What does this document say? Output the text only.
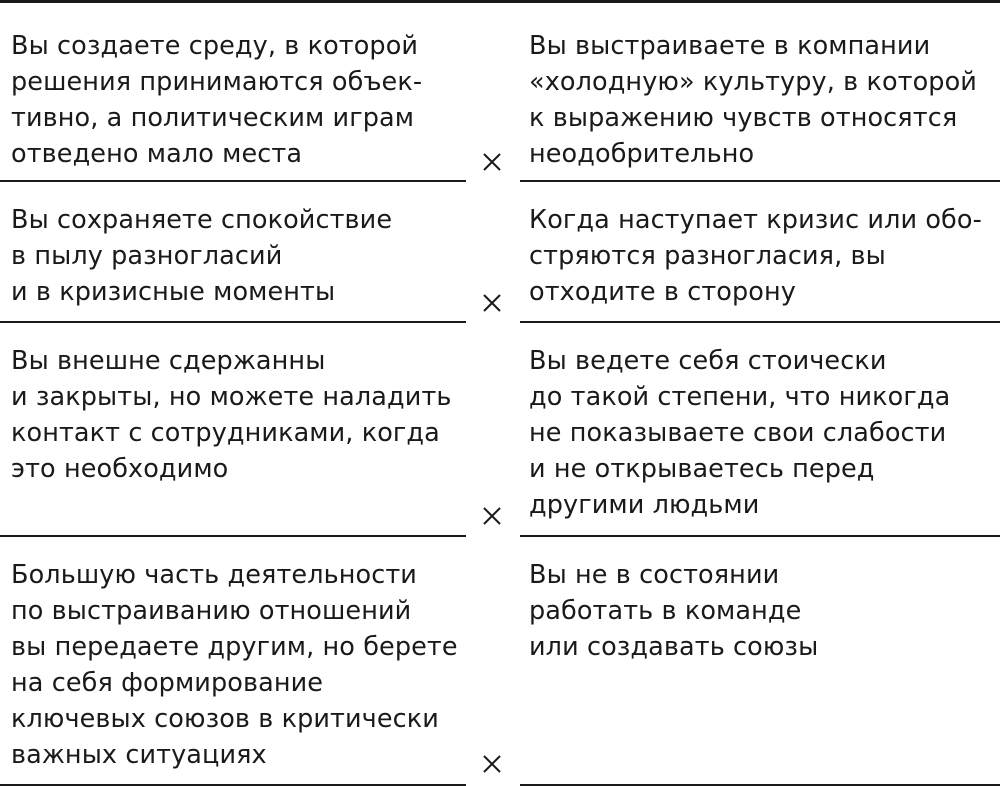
Вы создаете среду, в которой
решения принимаются объек-
тивно, а политическим играм
отведено мало места
Вы выстраиваете в компании
«холодную» культуру, в которой
к выражению чувств относятся
неодобрительно
Вы сохраняете спокойствие
в пылу разногласий
и в кризисные моменты
Когда наступает кризис или обо-
стряются разногласия, вы
отходите в сторону
Вы внешне сдержанны
и закрыты, но можете наладить
контакт с сотрудниками, когда
это необходимо
Вы ведете себя стоически
до такой степени, что никогда
не показываете свои слабости
и не открываетесь перед
другими людьми
Большую часть деятельности
по выстраиванию отношений
вы передаете другим, но берете
на себя формирование
ключевых союзов в критически
важных ситуациях
Вы не в состоянии
работать в команде
или создавать союзы
